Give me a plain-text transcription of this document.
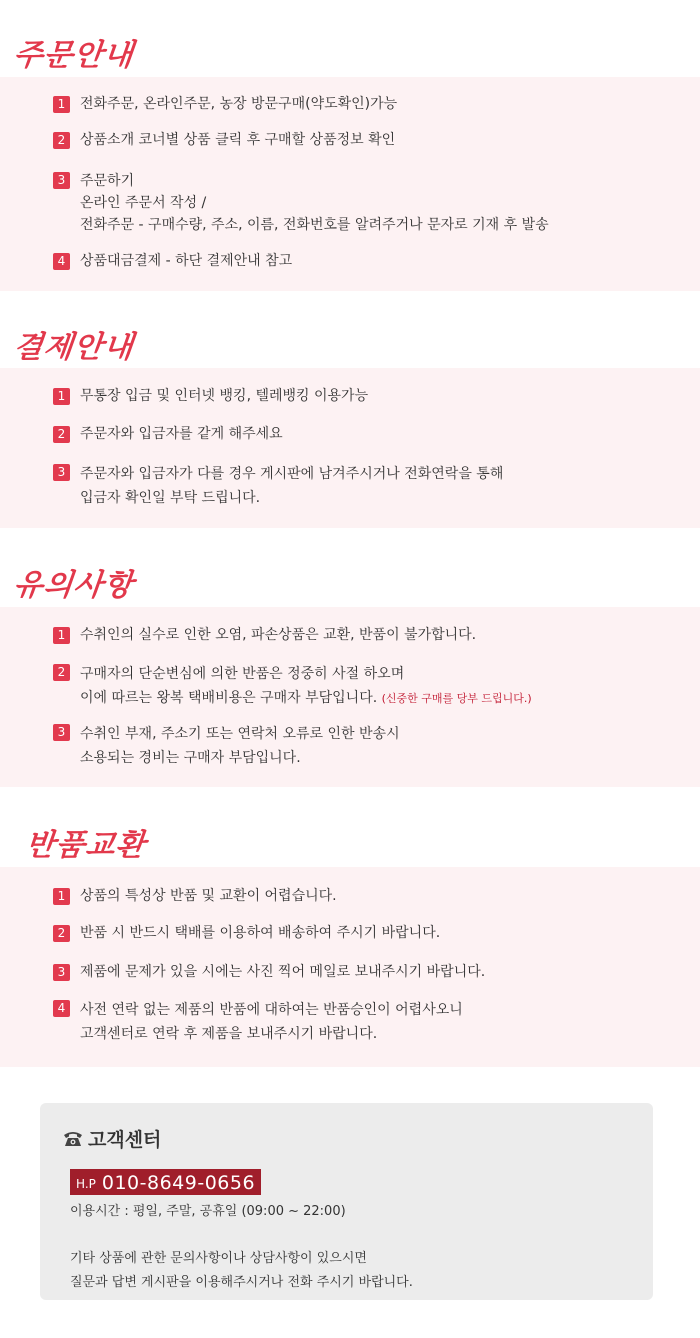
주문안내
1	전화주문, 온라인주문, 농장 방문구매(약도확인)가능
2	상품소개 코너별 상품 클릭 후 구매할 상품정보 확인
3	주문하기
온라인 주문서 작성 /
전화주문 - 구매수량, 주소, 이름, 전화번호를 알려주거나 문자로 기재 후 발송
4	상품대금결제 - 하단 결제안내 참고
결제안내
1	무통장 입금 및 인터넷 뱅킹, 텔레뱅킹 이용가능
2	주문자와 입금자를 같게 해주세요
3	주문자와 입금자가 다를 경우 게시판에 남겨주시거나 전화연락을 통해
입금자 확인일 부탁 드립니다.
유의사항
1	수취인의 실수로 인한 오염, 파손상품은 교환, 반품이 불가합니다.
2	구매자의 단순변심에 의한 반품은 정중히 사절 하오며
이에 따르는 왕복 택배비용은 구매자 부담입니다. (신중한 구매를 당부 드립니다.)
3	수취인 부재, 주소기 또는 연락처 오류로 인한 반송시
소용되는 경비는 구매자 부담입니다.
반품교환
1	상품의 특성상 반품 및 교환이 어렵습니다.
2	반품 시 반드시 택배를 이용하여 배송하여 주시기 바랍니다.
3	제품에 문제가 있을 시에는 사진 찍어 메일로 보내주시기 바랍니다.
4	사전 연락 없는 제품의 반품에 대하여는 반품승인이 어렵사오니
고객센터로 연락 후 제품을 보내주시기 바랍니다.
고객센터
H.P 010-8649-0656
이용시간 : 평일, 주말, 공휴일 (09:00 ~ 22:00)
기타 상품에 관한 문의사항이나 상담사항이 있으시면
질문과 답변 게시판을 이용해주시거나 전화 주시기 바랍니다.
